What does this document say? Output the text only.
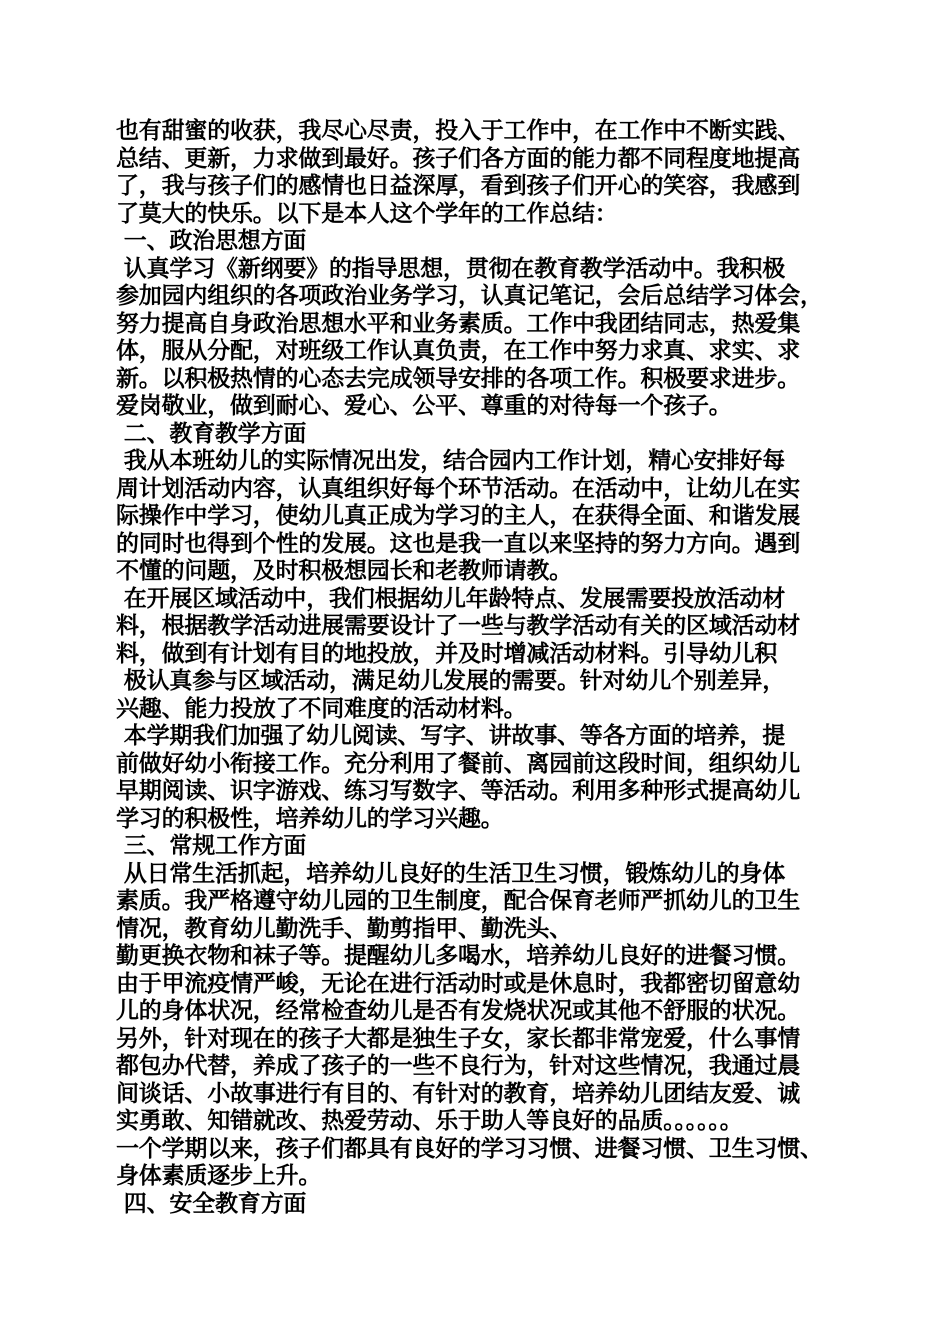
也有甜蜜的收获，我尽心尽责，投入于工作中，在工作中不断实践、
总结、更新，力求做到最好。孩子们各方面的能力都不同程度地提高
了，我与孩子们的感情也日益深厚，看到孩子们开心的笑容，我感到
了莫大的快乐。以下是本人这个学年的工作总结：
一、政治思想方面
认真学习《新纲要》的指导思想，贯彻在教育教学活动中。我积极
参加园内组织的各项政治业务学习，认真记笔记，会后总结学习体会，
努力提高自身政治思想水平和业务素质。工作中我团结同志，热爱集
体，服从分配，对班级工作认真负责，在工作中努力求真、求实、求
新。以积极热情的心态去完成领导安排的各项工作。积极要求进步。
爱岗敬业，做到耐心、爱心、公平、尊重的对待每一个孩子。
二、教育教学方面
我从本班幼儿的实际情况出发，结合园内工作计划，精心安排好每
周计划活动内容，认真组织好每个环节活动。在活动中，让幼儿在实
际操作中学习，使幼儿真正成为学习的主人，在获得全面、和谐发展
的同时也得到个性的发展。这也是我一直以来坚持的努力方向。遇到
不懂的问题，及时积极想园长和老教师请教。
在开展区域活动中，我们根据幼儿年龄特点、发展需要投放活动材
料，根据教学活动进展需要设计了一些与教学活动有关的区域活动材
料，做到有计划有目的地投放，并及时增减活动材料。引导幼儿积
极认真参与区域活动，满足幼儿发展的需要。针对幼儿个别差异，
兴趣、能力投放了不同难度的活动材料。
本学期我们加强了幼儿阅读、写字、讲故事、等各方面的培养，提
前做好幼小衔接工作。充分利用了餐前、离园前这段时间，组织幼儿
早期阅读、识字游戏、练习写数字、等活动。利用多种形式提高幼儿
学习的积极性，培养幼儿的学习兴趣。
三、常规工作方面
从日常生活抓起，培养幼儿良好的生活卫生习惯，锻炼幼儿的身体
素质。我严格遵守幼儿园的卫生制度，配合保育老师严抓幼儿的卫生
情况，教育幼儿勤洗手、勤剪指甲、勤洗头、
勤更换衣物和袜子等。提醒幼儿多喝水，培养幼儿良好的进餐习惯。
由于甲流疫情严峻，无论在进行活动时或是休息时，我都密切留意幼
儿的身体状况，经常检查幼儿是否有发烧状况或其他不舒服的状况。
另外，针对现在的孩子大都是独生子女，家长都非常宠爱，什么事情
都包办代替，养成了孩子的一些不良行为，针对这些情况，我通过晨
间谈话、小故事进行有目的、有针对的教育，培养幼儿团结友爱、诚
实勇敢、知错就改、热爱劳动、乐于助人等良好的品质。。。。。。
一个学期以来，孩子们都具有良好的学习习惯、进餐习惯、卫生习惯、
身体素质逐步上升。
四、安全教育方面
